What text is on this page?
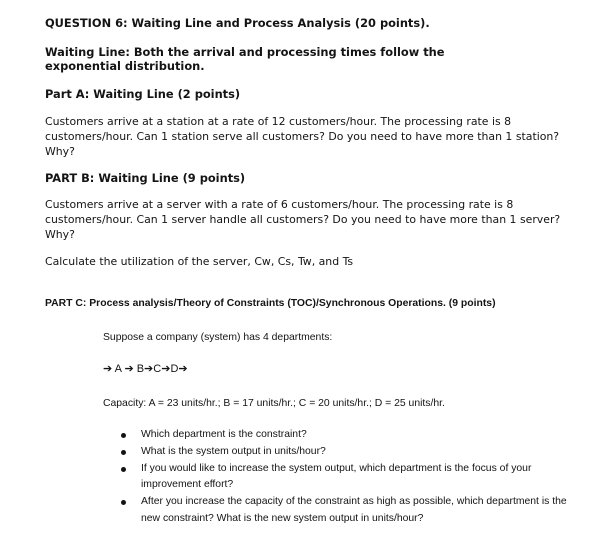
QUESTION 6: Waiting Line and Process Analysis (20 points).

Waiting Line: Both the arrival and processing times follow the exponential distribution.

Part A: Waiting Line (2 points)

Customers arrive at a station at a rate of 12 customers/hour. The processing rate is 8 customers/hour. Can 1 station serve all customers? Do you need to have more than 1 station? Why?

PART B: Waiting Line (9 points)

Customers arrive at a server with a rate of 6 customers/hour. The processing rate is 8 customers/hour. Can 1 server handle all customers? Do you need to have more than 1 server? Why?

Calculate the utilization of the server, Cw, Cs, Tw, and Ts

PART C: Process analysis/Theory of Constraints (TOC)/Synchronous Operations. (9 points)

Suppose a company (system) has 4 departments:

➔ A ➔ B➔C➔D➔

Capacity: A = 23 units/hr.; B = 17 units/hr.; C = 20 units/hr.; D = 25 units/hr.

Which department is the constraint?
What is the system output in units/hour?
If you would like to increase the system output, which department is the focus of your improvement effort?
After you increase the capacity of the constraint as high as possible, which department is the new constraint? What is the new system output in units/hour?
